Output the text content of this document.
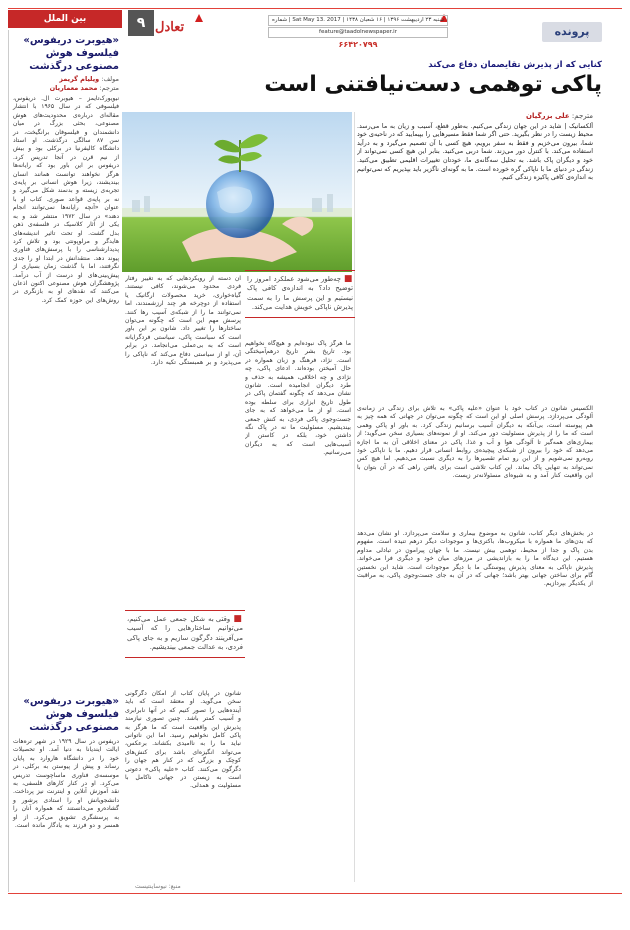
پرونده
شنبه ۲۳ اردیبهشت ۱۳۹۶ | ۱۶ شعبان ۱۴۳۸ | Sat May 13. 2017 | شماره
feature@taadolnewspaper.ir
۶۶۴۲۰۷۹۹
تعادل
۹
بین الملل
کنایی که از پذیرش تقایصمان دفاع می‌کند
پاکی توهمی دست‌نیافتنی است
مترجم: علی بزرگیان
آلکسانیک | شاید در این جهان زندگی می‌کنیم. به‌طور قطع، آسیب و زیان به ما می‌رسد. محیط زیست را در نظر بگیرید. حتی اگر شما فقط مسیرهایی را بپیمایید که در ناحیه‌ی خود شما، بیرون می‌خزیم و فقط به سفر برویم، هیچ کسی با آن تصمیم می‌گیرد و به درآید استفاده می‌کند. با کنترل دور می‌زند. شما دربی می‌کنید. بنابر این هیچ کسی نمی‌تواند از خود و دیگران پاک باشد. به تحلیل سه‌گانه‌ی ما، خودتان تغییرات اقلیمی تطبیق می‌کنید. زندگی در دنیای ما با ناپاکی گره خورده است. ما به گونه‌ای ناگزیر باید بپذیریم که نمی‌توانیم به اندازه‌ی کافی پاکیزه زندگی کنیم.
الکسیس شانون در کتاب خود با عنوان «علیه پاکی» به تلاش برای زندگی در زمانه‌ی آلودگی می‌پردازد. پرسش اصلی او این است که چگونه می‌توان در جهانی که همه چیز به هم پیوسته است، بی‌آنکه به دیگران آسیب برسانیم زندگی کرد. به باور او پاکی وهمی است که ما را از پذیرش مسئولیت دور می‌کند. او از نمونه‌های بسیاری سخن می‌گوید؛ از بیماری‌های همه‌گیر تا آلودگی هوا و آب و غذا. پاکی در معنای اخلاقی آن به ما اجازه می‌دهد که خود را بیرون از شبکه‌ی پیچیده‌ی روابط انسانی قرار دهیم. ما با ناپاکی خود روبه‌رو نمی‌شویم و از این رو تمام تقصیرها را به دیگری نسبت می‌دهیم. اما هیچ کس نمی‌تواند به تنهایی پاک بماند. این کتاب تلاشی است برای یافتن راهی که در آن بتوان با این واقعیت کنار آمد و به شیوه‌ای مسئولانه‌تر زیست.
■ چه‌طور می‌شود عملکرد امروز را توضیح داد؟ به اندازه‌ی کافی پاک نیستیم و این پرسش ما را به سمت پذیرش ناپاکی خویش هدایت می‌کند.
ما هرگز پاک نبوده‌ایم و هیچ‌گاه نخواهیم بود. تاریخ بشر تاریخ درهم‌آمیختگی است. نژاد، فرهنگ و زبان همواره در حال آمیختن بوده‌اند. ادعای پاکی، چه نژادی و چه اخلاقی، همیشه به حذف و طرد دیگران انجامیده است. شانون نشان می‌دهد که چگونه گفتمان پاکی در طول تاریخ ابزاری برای سلطه بوده است. او از ما می‌خواهد که به جای جست‌وجوی پاکی فردی، به کنش جمعی بیندیشیم. مسئولیت ما نه در پاک نگه داشتن خود، بلکه در کاستن از آسیب‌هایی است که به دیگران می‌رسانیم.
آن دسته از رویکردهایی که به تغییر رفتار فردی محدود می‌شوند، کافی نیستند. گیاه‌خواری، خرید محصولات ارگانیک یا استفاده از دوچرخه هر چند ارزشمندند، اما نمی‌توانند ما را از شبکه‌ی آسیب رها کنند. پرسش مهم این است که چگونه می‌توان ساختارها را تغییر داد. شانون بر این باور است که سیاست پاکی، سیاستی فردگرایانه است که به بی‌عملی می‌انجامد. در برابر آن، او از سیاستی دفاع می‌کند که ناپاکی را می‌پذیرد و بر همبستگی تکیه دارد.
■ وقتی به شکل جمعی عمل می‌کنیم، می‌توانیم ساختارهایی را که آسیب می‌آفرینند دگرگون سازیم و به جای پاکی فردی، به عدالت جمعی بیندیشیم.
در بخش‌های دیگر کتاب، شانون به موضوع بیماری و سلامت می‌پردازد. او نشان می‌دهد که بدن‌های ما همواره با میکروب‌ها، باکتری‌ها و موجودات دیگر درهم تنیده است. مفهوم بدن پاک و جدا از محیط، توهمی بیش نیست. ما با جهان پیرامون در تبادلی مداوم هستیم. این دیدگاه ما را به بازاندیشی در مرزهای میان خود و دیگری فرا می‌خواند. پذیرش ناپاکی به معنای پذیرش پیوستگی ما با دیگر موجودات است. شاید این نخستین گام برای ساختن جهانی بهتر باشد؛ جهانی که در آن به جای جست‌وجوی پاکی، به مراقبت از یکدیگر بپردازیم.
شانون در پایان کتاب از امکان دگرگونی سخن می‌گوید. او معتقد است که باید آینده‌هایی را تصور کنیم که در آنها نابرابری و آسیب کمتر باشد. چنین تصوری نیازمند پذیرش این واقعیت است که ما هرگز به پاکی کامل نخواهیم رسید. اما این ناتوانی نباید ما را به ناامیدی بکشاند. برعکس، می‌تواند انگیزه‌ای باشد برای کنش‌های کوچک و بزرگی که در کنار هم جهان را دگرگون می‌کنند. کتاب «علیه پاکی» دعوتی است به زیستن در جهانی ناکامل با مسئولیت و همدلی.
منبع: نیوساینتیست
«هیوبرت دریفوس» فیلسوف هوش مصنوعی درگذشت
مولف: ویلیام گریمز
مترجم: محمد معماریان
نیویورک‌تایمز – هیوبرت ال. دریفوس، فیلسوفی که در سال ۱۹۶۵ با انتشار مقاله‌ای درباره‌ی محدودیت‌های هوش مصنوعی، بحثی بزرگ در میان دانشمندان و فیلسوفان برانگیخت، در سن ۸۷ سالگی درگذشت. او استاد دانشگاه کالیفرنیا در برکلی بود و بیش از نیم قرن در آنجا تدریس کرد. دریفوس بر این باور بود که رایانه‌ها هرگز نخواهند توانست همانند انسان بیندیشند، زیرا هوش انسانی بر پایه‌ی تجربه‌ی زیسته و بدنمند شکل می‌گیرد و نه بر پایه‌ی قواعد صوری. کتاب او با عنوان «آنچه رایانه‌ها نمی‌توانند انجام دهند» در سال ۱۹۷۲ منتشر شد و به یکی از آثار کلاسیک در فلسفه‌ی ذهن بدل گشت. او تحت تاثیر اندیشه‌های هایدگر و مرلوپونتی بود و تلاش کرد پدیدارشناسی را با پرسش‌های فناوری پیوند دهد. منتقدانش در ابتدا او را جدی نگرفتند، اما با گذشت زمان بسیاری از پیش‌بینی‌های او درست از آب درآمد. پژوهشگران هوش مصنوعی اکنون اذعان می‌کنند که نقدهای او به بازنگری در روش‌های این حوزه کمک کرد.
«هیوبرت دریفوس» فیلسوف هوش مصنوعی درگذشت
دریفوس در سال ۱۹۲۹ در شهر تره‌هات ایالت ایندیانا به دنیا آمد. او تحصیلات خود را در دانشگاه هاروارد به پایان رساند و پیش از پیوستن به برکلی، در موسسه‌ی فناوری ماساچوست تدریس می‌کرد. او در کنار کارهای فلسفی، به نقد آموزش آنلاین و اینترنت نیز پرداخت. دانشجویانش او را استادی پرشور و گشاده‌رو می‌دانستند که همواره آنان را به پرسشگری تشویق می‌کرد. از او همسر و دو فرزند به یادگار مانده است.
